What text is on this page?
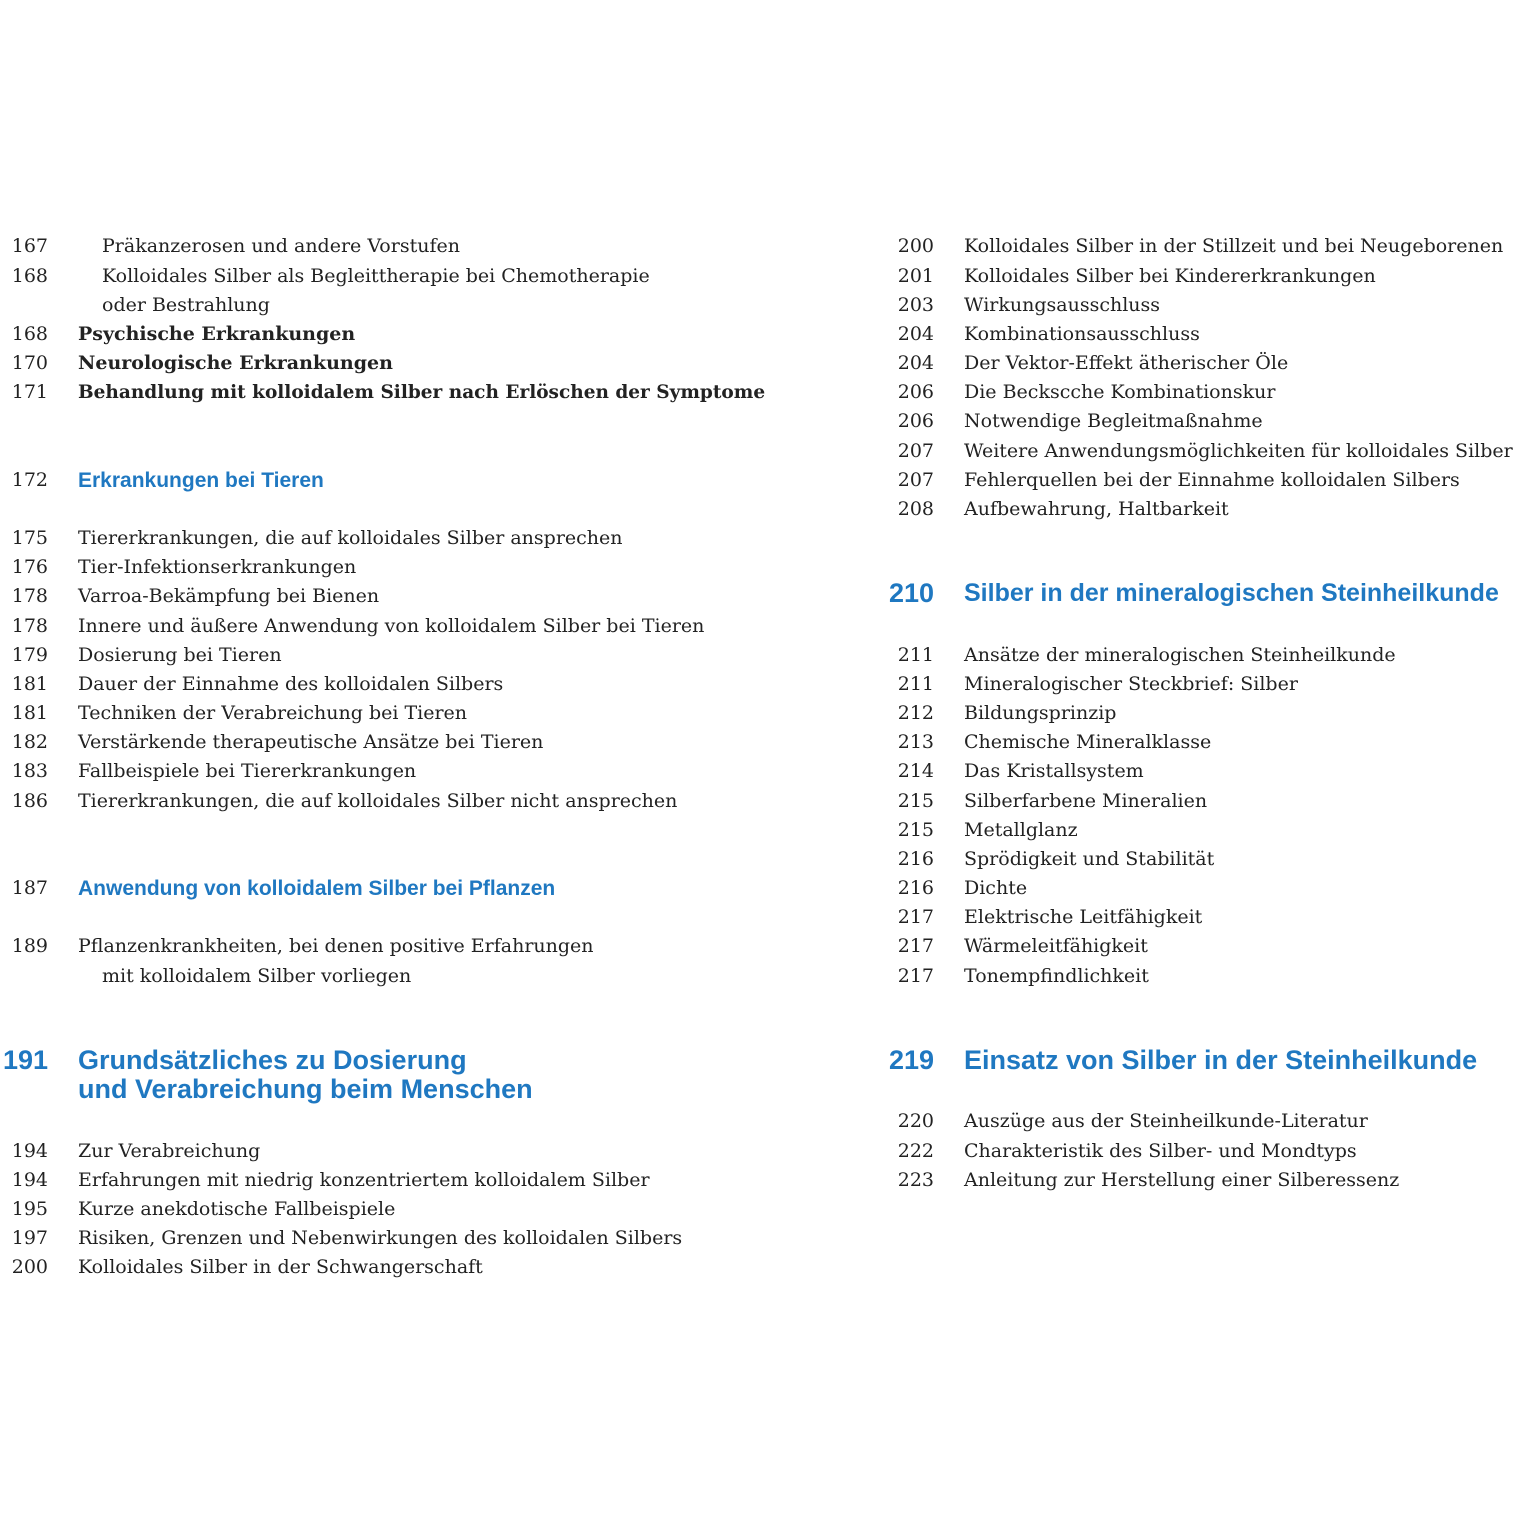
167	Präkanzerosen und andere Vorstufen
168	Kolloidales Silber als Begleittherapie bei Chemotherapie
oder Bestrahlung
168 Psychische Erkrankungen
170 Neurologische Erkrankungen
171 Behandlung mit kolloidalem Silber nach Erlöschen der Symptome
172 Erkrankungen bei Tieren
175 Tiererkrankungen, die auf kolloidales Silber ansprechen
176 Tier-Infektionserkrankungen
178 Varroa-Bekämpfung bei Bienen
178 Innere und äußere Anwendung von kolloidalem Silber bei Tieren
179 Dosierung bei Tieren
181 Dauer der Einnahme des kolloidalen Silbers
181 Techniken der Verabreichung bei Tieren
182 Verstärkende therapeutische Ansätze bei Tieren
183 Fallbeispiele bei Tiererkrankungen
186 Tiererkrankungen, die auf kolloidales Silber nicht ansprechen
187 Anwendung von kolloidalem Silber bei Pflanzen
189 Pflanzenkrankheiten, bei denen positive Erfahrungen
mit kolloidalem Silber vorliegen
191 Grundsätzliches zu Dosierung
und Verabreichung beim Menschen
194 Zur Verabreichung
194 Erfahrungen mit niedrig konzentriertem kolloidalem Silber
195 Kurze anekdotische Fallbeispiele
197 Risiken, Grenzen und Nebenwirkungen des kolloidalen Silbers
200 Kolloidales Silber in der Schwangerschaft
200 Kolloidales Silber in der Stillzeit und bei Neugeborenen
201 Kolloidales Silber bei Kindererkrankungen
203 Wirkungsausschluss
204 Kombinationsausschluss
204 Der Vektor-Effekt ätherischer Öle
206 Die Beckscche Kombinationskur
206 Notwendige Begleitmaßnahme
207 Weitere Anwendungsmöglichkeiten für kolloidales Silber
207 Fehlerquellen bei der Einnahme kolloidalen Silbers
208 Aufbewahrung, Haltbarkeit
210 Silber in der mineralogischen Steinheilkunde
211 Ansätze der mineralogischen Steinheilkunde
211 Mineralogischer Steckbrief: Silber
212 Bildungsprinzip
213 Chemische Mineralklasse
214 Das Kristallsystem
215 Silberfarbene Mineralien
215 Metallglanz
216 Sprödigkeit und Stabilität
216 Dichte
217 Elektrische Leitfähigkeit
217 Wärmeleitfähigkeit
217 Tonempfindlichkeit
219 Einsatz von Silber in der Steinheilkunde
220 Auszüge aus der Steinheilkunde-Literatur
222 Charakteristik des Silber- und Mondtyps
223 Anleitung zur Herstellung einer Silberessenz
